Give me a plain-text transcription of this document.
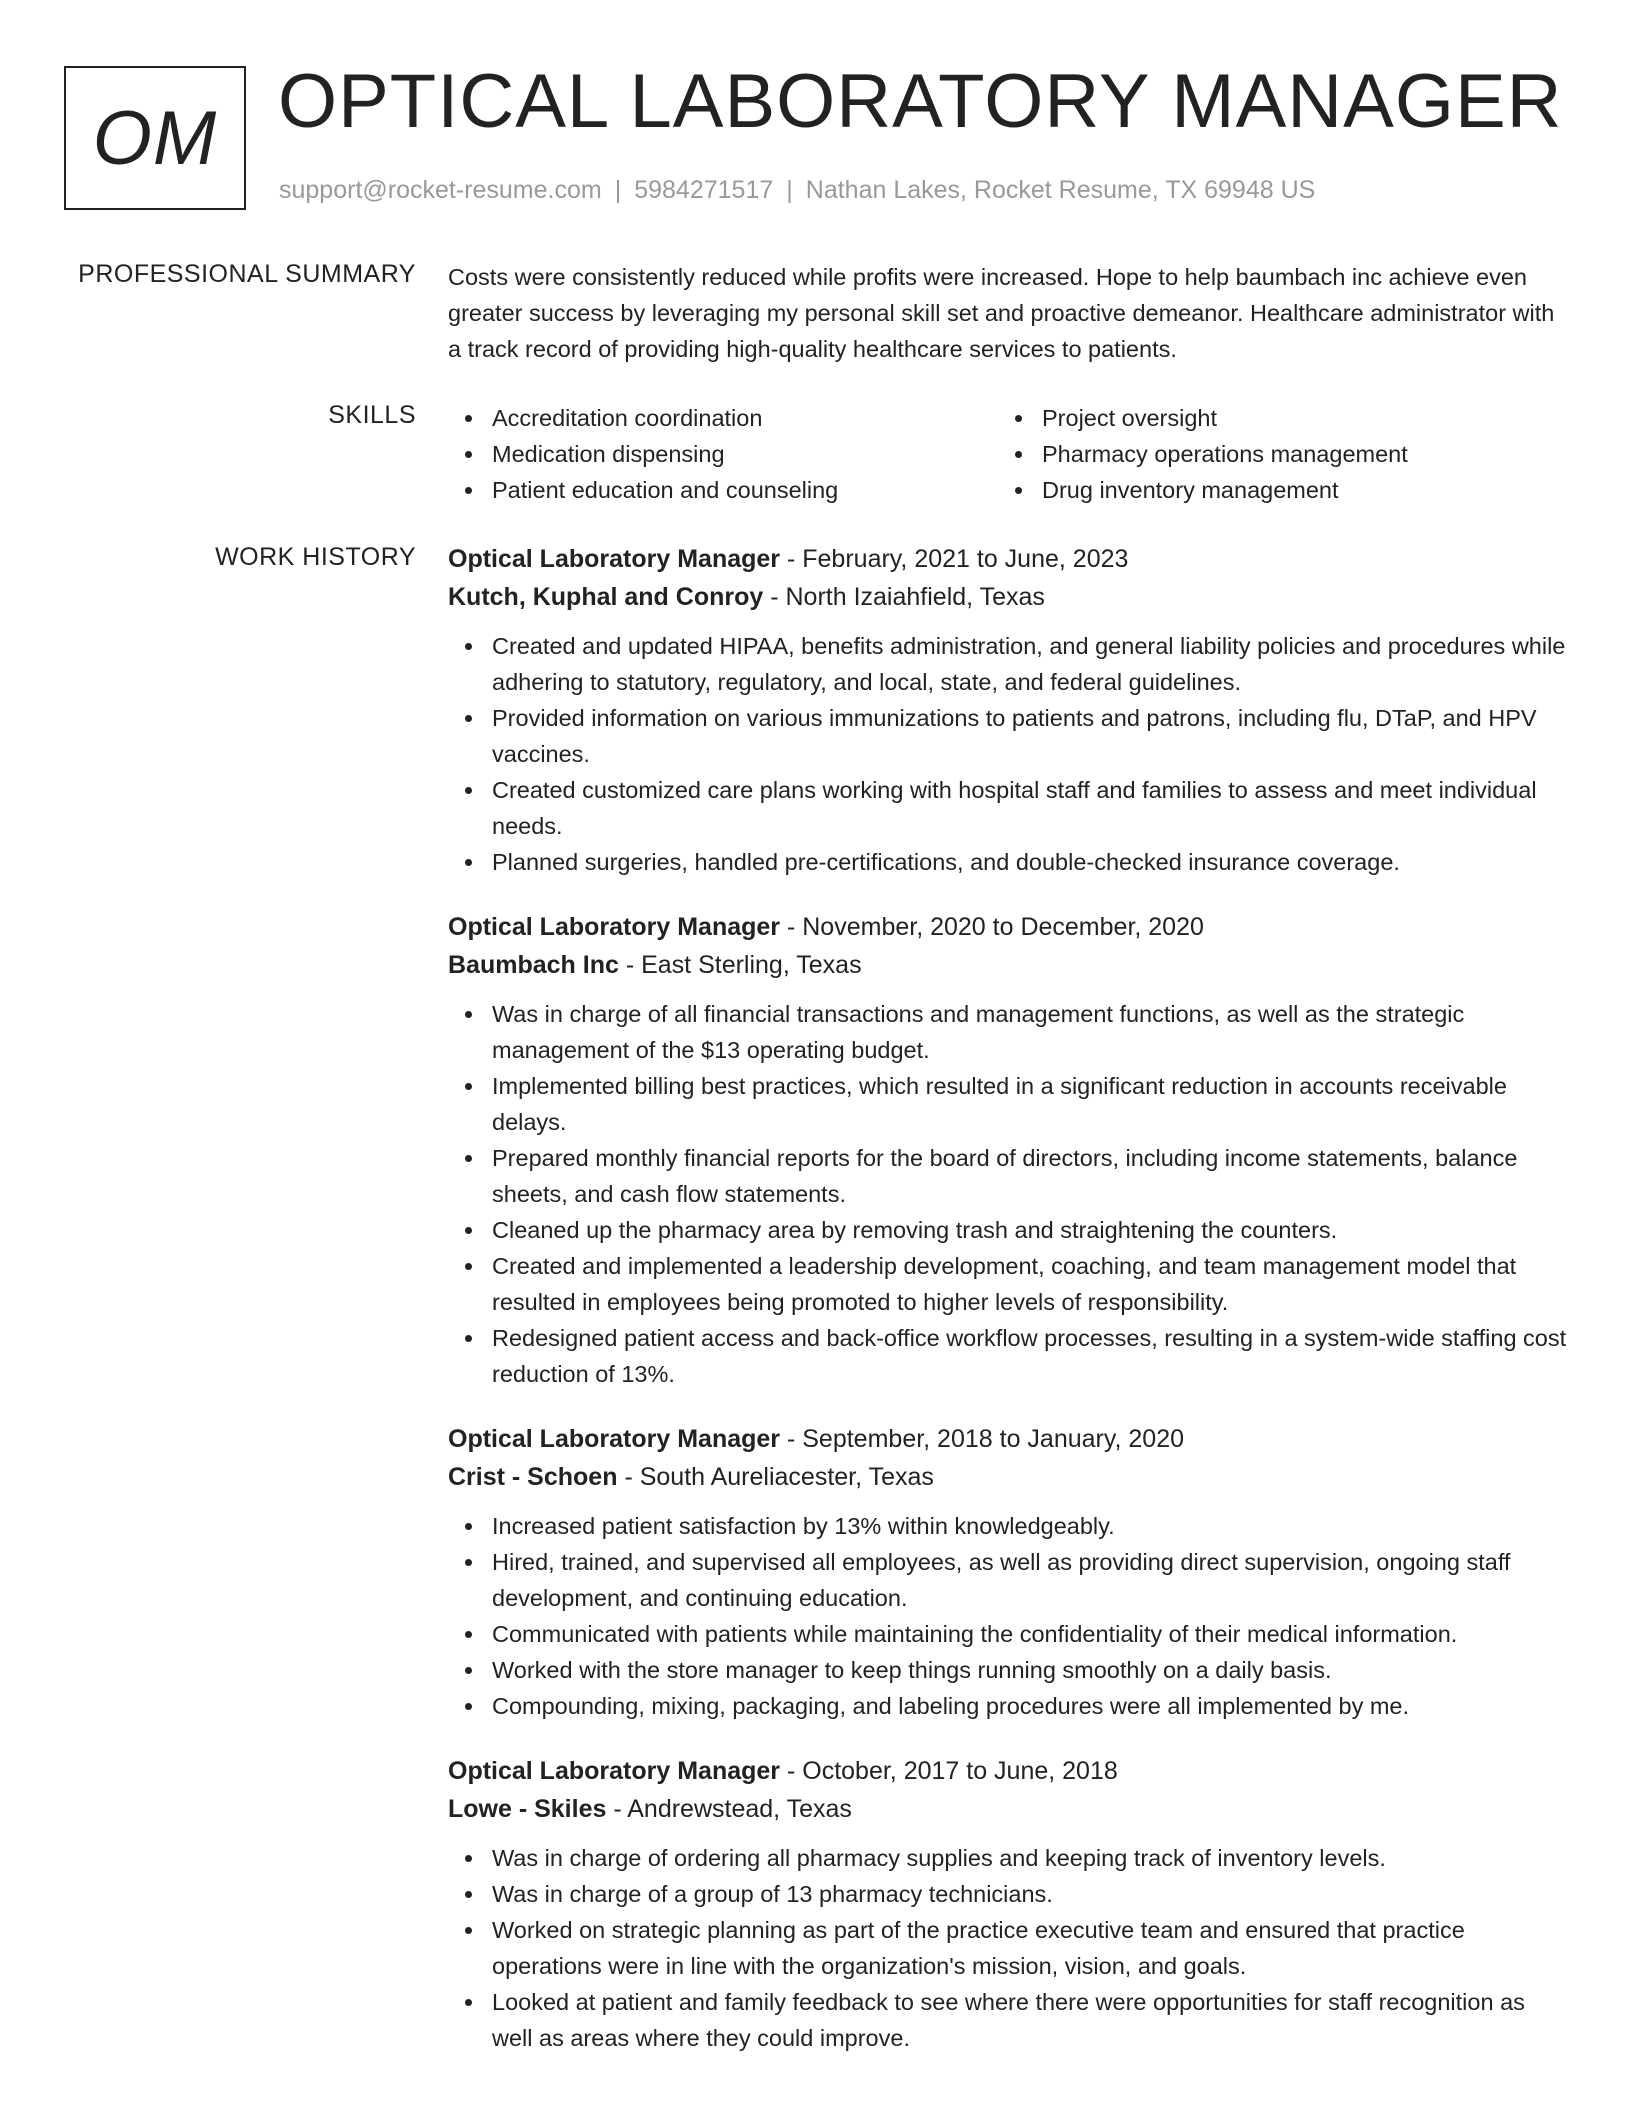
OM OPTICAL LABORATORY MANAGER
support@rocket-resume.com | 5984271517 | Nathan Lakes, Rocket Resume, TX 69948 US
PROFESSIONAL SUMMARY Costs were consistently reduced while profits were increased. Hope to help baumbach inc achieve even greater success by leveraging my personal skill set and proactive demeanor. Healthcare administrator with a track record of providing high-quality healthcare services to patients.
SKILLS	Accreditation coordination
Medication dispensing
Patient education and counseling
Project oversight
Pharmacy operations management
Drug inventory management
WORK HISTORY Optical Laboratory Manager - February, 2021 to June, 2023
Kutch, Kuphal and Conroy - North Izaiahfield, Texas
Created and updated HIPAA, benefits administration, and general liability policies and procedures while adhering to statutory, regulatory, and local, state, and federal guidelines.
Provided information on various immunizations to patients and patrons, including flu, DTaP, and HPV vaccines.
Created customized care plans working with hospital staff and families to assess and meet individual needs.
Planned surgeries, handled pre-certifications, and double-checked insurance coverage.
Optical Laboratory Manager - November, 2020 to December, 2020
Baumbach Inc - East Sterling, Texas
Was in charge of all financial transactions and management functions, as well as the strategic management of the $13 operating budget.
Implemented billing best practices, which resulted in a significant reduction in accounts receivable delays.
Prepared monthly financial reports for the board of directors, including income statements, balance sheets, and cash flow statements.
Cleaned up the pharmacy area by removing trash and straightening the counters.
Created and implemented a leadership development, coaching, and team management model that resulted in employees being promoted to higher levels of responsibility.
Redesigned patient access and back-office workflow processes, resulting in a system-wide staffing cost reduction of 13%.
Optical Laboratory Manager - September, 2018 to January, 2020
Crist - Schoen - South Aureliacester, Texas
Increased patient satisfaction by 13% within knowledgeably.
Hired, trained, and supervised all employees, as well as providing direct supervision, ongoing staff development, and continuing education.
Communicated with patients while maintaining the confidentiality of their medical information.
Worked with the store manager to keep things running smoothly on a daily basis.
Compounding, mixing, packaging, and labeling procedures were all implemented by me.
Optical Laboratory Manager - October, 2017 to June, 2018
Lowe - Skiles - Andrewstead, Texas
Was in charge of ordering all pharmacy supplies and keeping track of inventory levels.
Was in charge of a group of 13 pharmacy technicians.
Worked on strategic planning as part of the practice executive team and ensured that practice operations were in line with the organization's mission, vision, and goals.
Looked at patient and family feedback to see where there were opportunities for staff recognition as well as areas where they could improve.
